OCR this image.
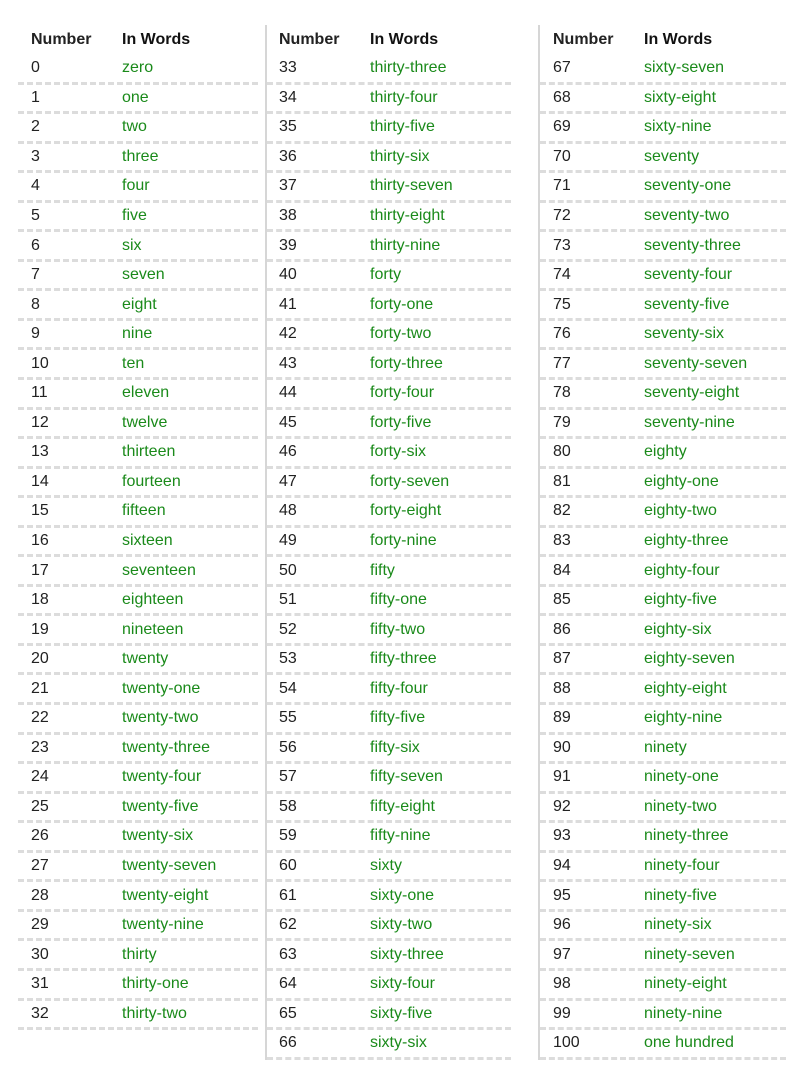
Number	In Words
0	zero
1	one
2	two
3	three
4	four
5	five
6	six
7	seven
8	eight
9	nine
10	ten
11	eleven
12	twelve
13	thirteen
14	fourteen
15	fifteen
16	sixteen
17	seventeen
18	eighteen
19	nineteen
20	twenty
21	twenty-one
22	twenty-two
23	twenty-three
24	twenty-four
25	twenty-five
26	twenty-six
27	twenty-seven
28	twenty-eight
29	twenty-nine
30	thirty
31	thirty-one
32	thirty-two
Number	In Words
33	thirty-three
34	thirty-four
35	thirty-five
36	thirty-six
37	thirty-seven
38	thirty-eight
39	thirty-nine
40	forty
41	forty-one
42	forty-two
43	forty-three
44	forty-four
45	forty-five
46	forty-six
47	forty-seven
48	forty-eight
49	forty-nine
50	fifty
51	fifty-one
52	fifty-two
53	fifty-three
54	fifty-four
55	fifty-five
56	fifty-six
57	fifty-seven
58	fifty-eight
59	fifty-nine
60	sixty
61	sixty-one
62	sixty-two
63	sixty-three
64	sixty-four
65	sixty-five
66	sixty-six
Number	In Words
67	sixty-seven
68	sixty-eight
69	sixty-nine
70	seventy
71	seventy-one
72	seventy-two
73	seventy-three
74	seventy-four
75	seventy-five
76	seventy-six
77	seventy-seven
78	seventy-eight
79	seventy-nine
80	eighty
81	eighty-one
82	eighty-two
83	eighty-three
84	eighty-four
85	eighty-five
86	eighty-six
87	eighty-seven
88	eighty-eight
89	eighty-nine
90	ninety
91	ninety-one
92	ninety-two
93	ninety-three
94	ninety-four
95	ninety-five
96	ninety-six
97	ninety-seven
98	ninety-eight
99	ninety-nine
100	one hundred
